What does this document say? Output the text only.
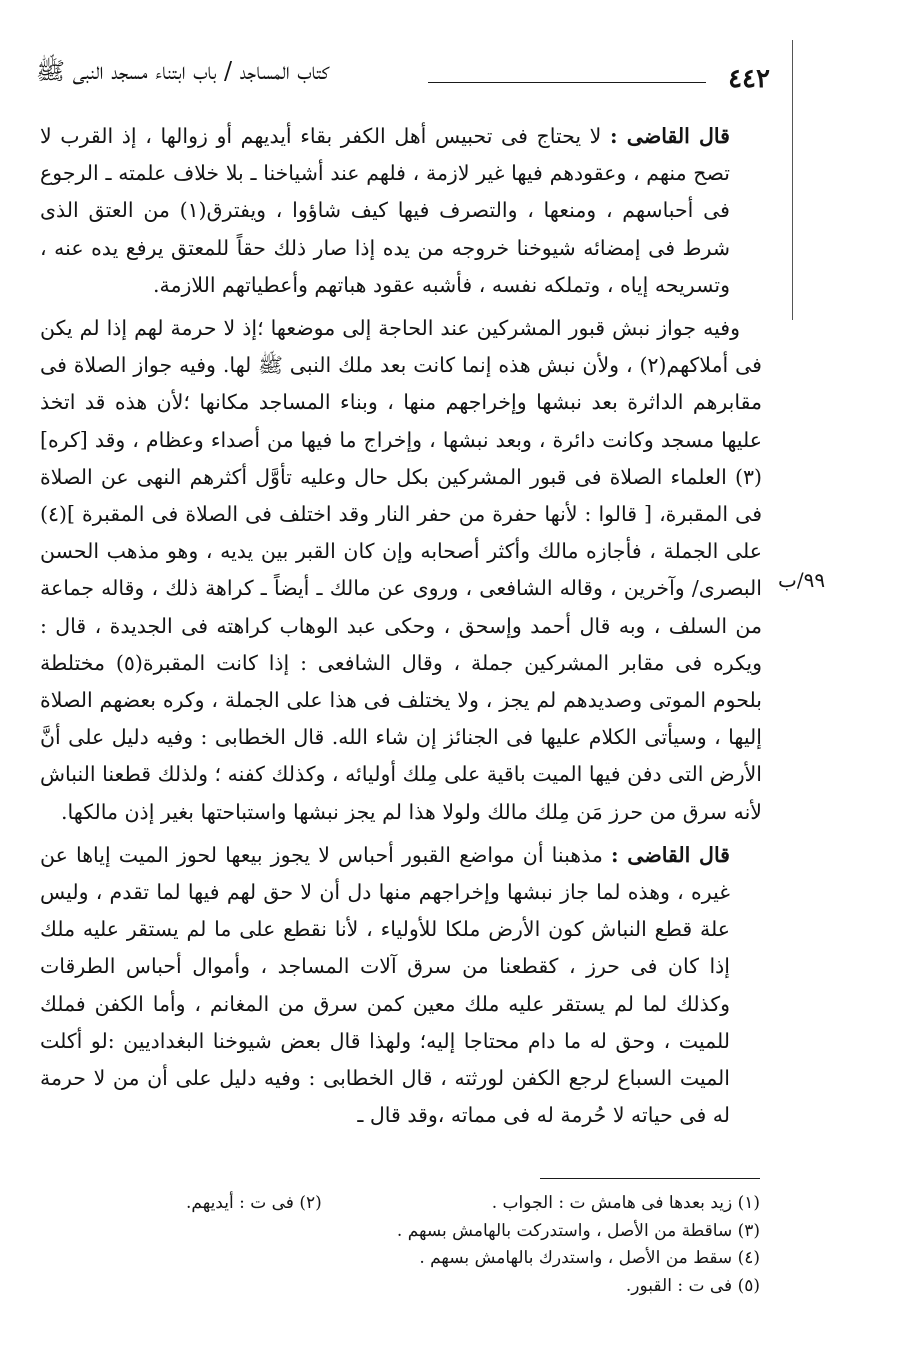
٤٤٢
كتاب المساجد / باب ابتناء مسجد النبى ﷺ
٩٩/ب

قال القاضى : لا يحتاج فى تحبيس أهل الكفر بقاء أيديهم أو زوالها ، إذ القرب لا تصح منهم ، وعقودهم فيها غير لازمة ، فلهم عند أشياخنا ـ بلا خلاف علمته ـ الرجوع فى أحباسهم ، ومنعها ، والتصرف فيها كيف شاؤوا ، ويفترق(١) من العتق الذى شرط فى إمضائه شيوخنا خروجه من يده إذا صار ذلك حقاً للمعتق يرفع يده عنه ، وتسريحه إياه ، وتملكه نفسه ، فأشبه عقود هباتهم وأعطياتهم اللازمة.

وفيه جواز نبش قبور المشركين عند الحاجة إلى موضعها ؛إذ لا حرمة لهم إذا لم يكن فى أملاكهم(٢) ، ولأن نبش هذه إنما كانت بعد ملك النبى ﷺ لها. وفيه جواز الصلاة فى مقابرهم الداثرة بعد نبشها وإخراجهم منها ، وبناء المساجد مكانها ؛لأن هذه قد اتخذ عليها مسجد وكانت دائرة ، وبعد نبشها ، وإخراج ما فيها من أصداء وعظام ، وقد [كره](٣) العلماء الصلاة فى قبور المشركين بكل حال وعليه تأوَّل أكثرهم النهى عن الصلاة فى المقبرة، [ قالوا : لأنها حفرة من حفر النار وقد اختلف فى الصلاة فى المقبرة ](٤) على الجملة ، فأجازه مالك وأكثر أصحابه وإن كان القبر بين يديه ، وهو مذهب الحسن البصرى/ وآخرين ، وقاله الشافعى ، وروى عن مالك ـ أيضاً ـ كراهة ذلك ، وقاله جماعة من السلف ، وبه قال أحمد وإسحق ، وحكى عبد الوهاب كراهته فى الجديدة ، قال : ويكره فى مقابر المشركين جملة ، وقال الشافعى : إذا كانت المقبرة(٥) مختلطة بلحوم الموتى وصديدهم لم يجز ، ولا يختلف فى هذا على الجملة ، وكره بعضهم الصلاة إليها ، وسيأتى الكلام عليها فى الجنائز إن شاء الله. قال الخطابى : وفيه دليل على أنَّ الأرض التى دفن فيها الميت باقية على مِلك أوليائه ، وكذلك كفنه ؛ ولذلك قطعنا النباش لأنه سرق من حرز مَن مِلك مالك ولولا هذا لم يجز نبشها واستباحتها بغير إذن مالكها.

قال القاضى : مذهبنا أن مواضع القبور أحباس لا يجوز بيعها لحوز الميت إياها عن غيره ، وهذه لما جاز نبشها وإخراجهم منها دل أن لا حق لهم فيها لما تقدم ، وليس علة قطع النباش كون الأرض ملكا للأولياء ، لأنا نقطع على ما لم يستقر عليه ملك إذا كان فى حرز ، كقطعنا من سرق آلات المساجد ، وأموال أحباس الطرقات وكذلك لما لم يستقر عليه ملك معين كمن سرق من المغانم ، وأما الكفن فملك للميت ، وحق له ما دام محتاجا إليه؛ ولهذا قال بعض شيوخنا البغداديين :لو أكلت الميت السباع لرجع الكفن لورثته ، قال الخطابى : وفيه دليل على أن من لا حرمة له فى حياته لا حُرمة له فى مماته ،وقد قال ـ

(١) زيد بعدها فى هامش ت : الجواب .(٢) فى ت : أيديهم.

(٣) ساقطة من الأصل ، واستدركت بالهامش بسهم .

(٤) سقط من الأصل ، واستدرك بالهامش بسهم .

(٥) فى ت : القبور.
